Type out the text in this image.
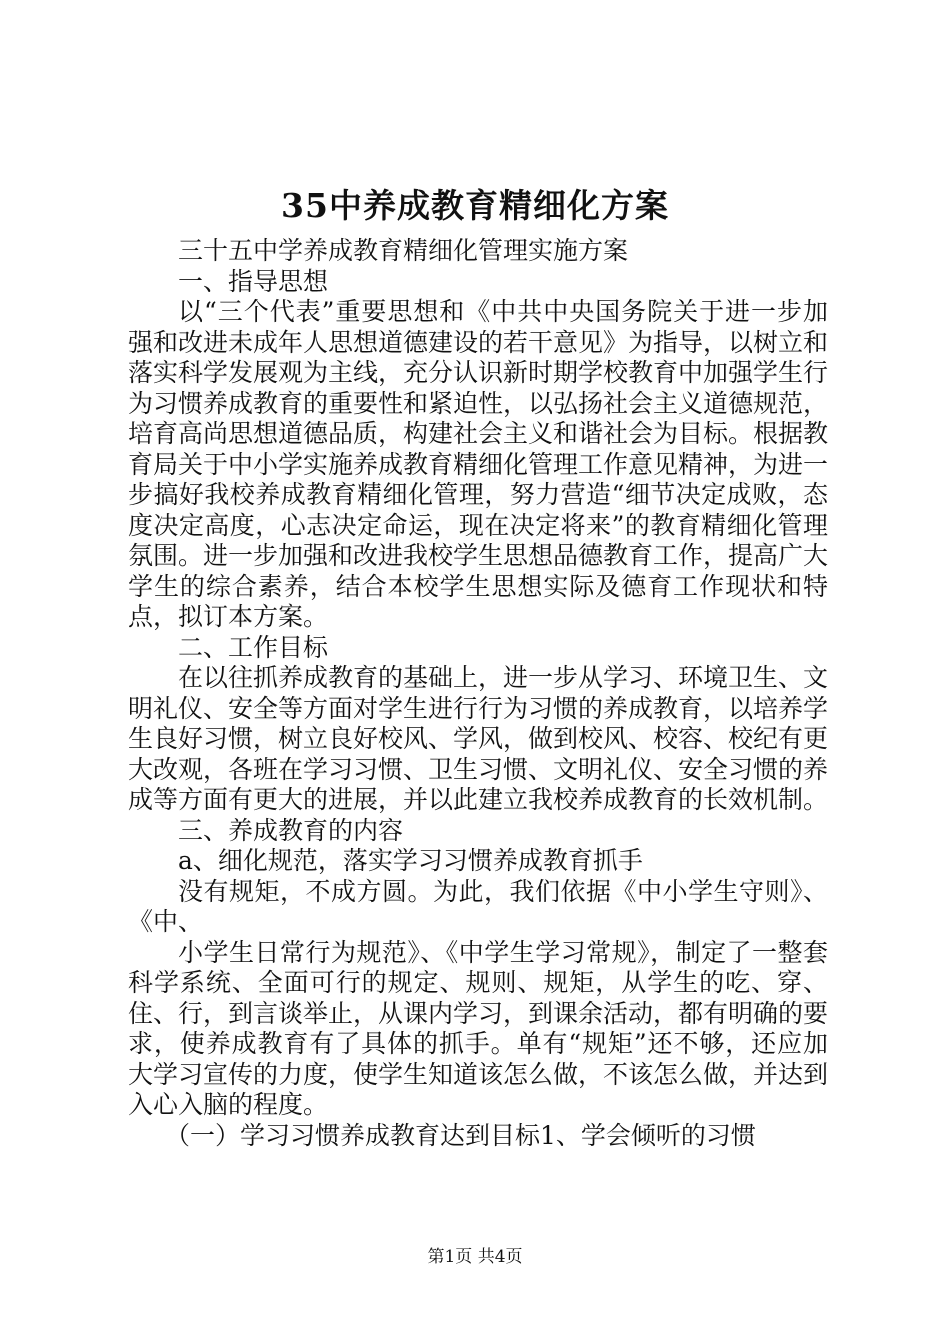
35中养成教育精细化方案

三十五中学养成教育精细化管理实施方案

一、指导思想

以“三个代表”重要思想和《中共中央国务院关于进一步加强和改进未成年人思想道德建设的若干意见》为指导，以树立和落实科学发展观为主线，充分认识新时期学校教育中加强学生行为习惯养成教育的重要性和紧迫性，以弘扬社会主义道德规范，培育高尚思想道德品质，构建社会主义和谐社会为目标。根据教育局关于中小学实施养成教育精细化管理工作意见精神，为进一步搞好我校养成教育精细化管理，努力营造“细节决定成败，态度决定高度，心志决定命运，现在决定将来”的教育精细化管理氛围。进一步加强和改进我校学生思想品德教育工作，提高广大学生的综合素养，结合本校学生思想实际及德育工作现状和特点，拟订本方案。

二、工作目标

在以往抓养成教育的基础上，进一步从学习、环境卫生、文明礼仪、安全等方面对学生进行行为习惯的养成教育，以培养学生良好习惯，树立良好校风、学风，做到校风、校容、校纪有更大改观，各班在学习习惯、卫生习惯、文明礼仪、安全习惯的养成等方面有更大的进展，并以此建立我校养成教育的长效机制。

三、养成教育的内容

a、细化规范，落实学习习惯养成教育抓手

没有规矩，不成方圆。为此，我们依据《中小学生守则》、《中、

小学生日常行为规范》、《中学生学习常规》，制定了一整套科学系统、全面可行的规定、规则、规矩，从学生的吃、穿、住、行，到言谈举止，从课内学习，到课余活动，都有明确的要求，使养成教育有了具体的抓手。单有“规矩”还不够，还应加大学习宣传的力度，使学生知道该怎么做，不该怎么做，并达到入心入脑的程度。

（一）学习习惯养成教育达到目标1、学会倾听的习惯

第1页 共4页
